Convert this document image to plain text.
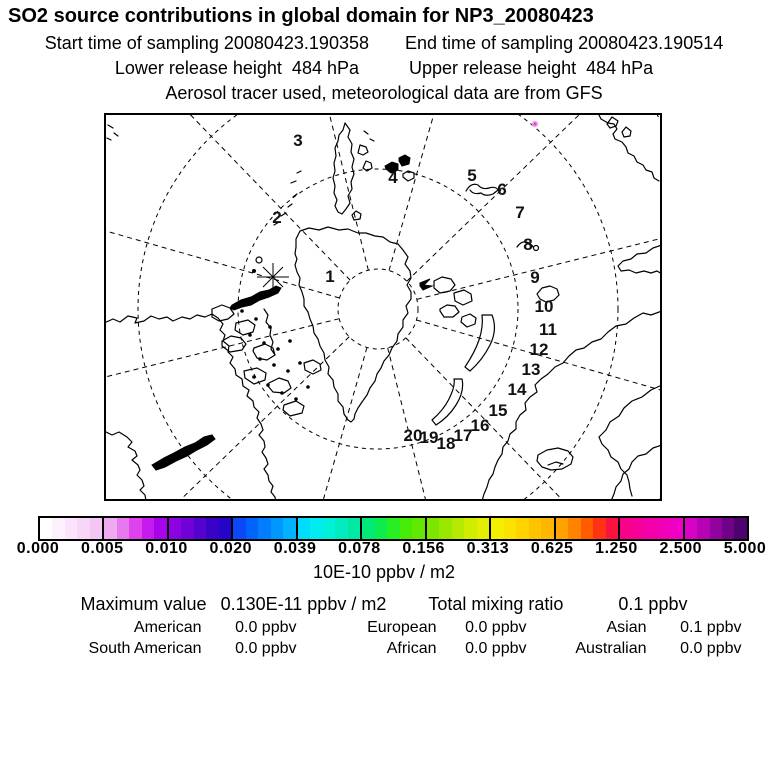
SO2 source contributions in global domain for NP3_20080423
Start time of sampling 20080423.190358 End time of sampling 20080423.190514
Lower release height  484 hPa	Upper release height  484 hPa
Aerosol tracer used, meteorological data are from GFS
1
2
3
4	5
6
7
8
9
10
11
12
13
14
15
16
17
18
19
20
0.000 0.005 0.010 0.020 0.039 0.078 0.156 0.313 0.625 1.250 2.500 5.000
10E-10 ppbv / m2
Maximum value 0.130E-11 ppbv / m2 Total mixing ratio	0.1 ppbv
American	0.0 ppbv	European	0.0 ppbv	Asian	0.1 ppbv
South American	0.0 ppbv	African	0.0 ppbv	Australian	0.0 ppbv
